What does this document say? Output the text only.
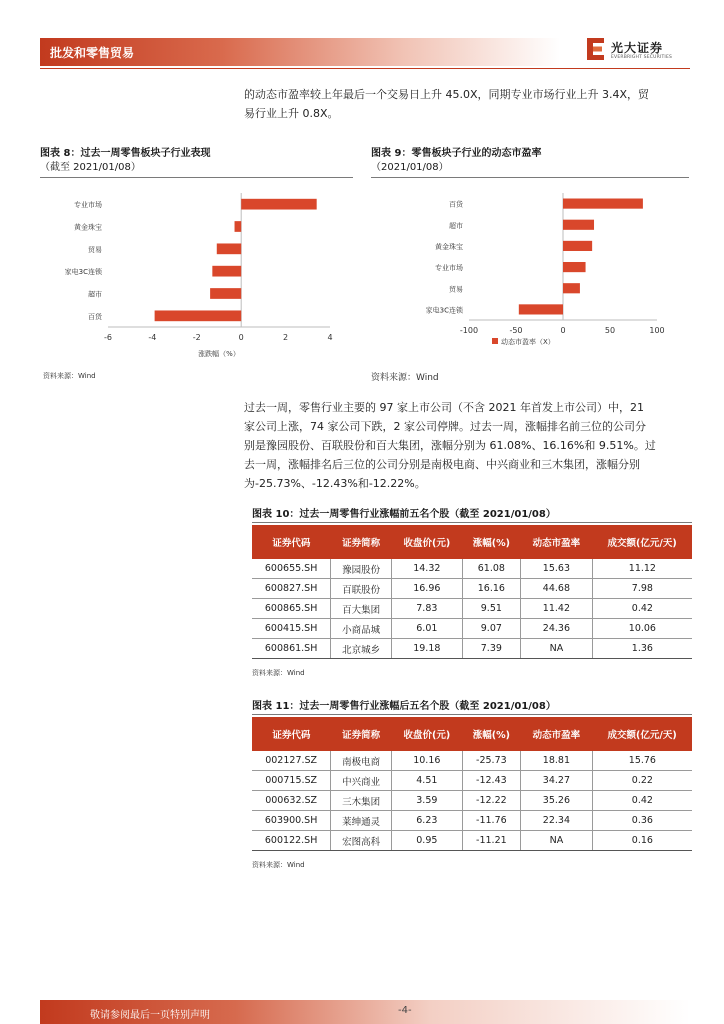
批发和零售贸易	光大证券
EVERBRIGHT SECURITIES
的动态市盈率较上年最后一个交易日上升 45.0X，同期专业市场行业上升 3.4X，贸
易行业上升 0.8X。
图表 8：过去一周零售板块子行业表现
（截至 2021/01/08）
专业市场
黄金珠宝
贸易
家电3C连锁
超市
百货
-6	-4	-2	0	2	4
涨跌幅（%）
资料来源：Wind
图表 9：零售板块子行业的动态市盈率
（2021/01/08）
百货
超市
黄金珠宝
专业市场
贸易
家电3C连锁
-100	-50	0	50	100
动态市盈率（X）
资料来源：Wind
过去一周，零售行业主要的 97 家上市公司（不含 2021 年首发上市公司）中，21
家公司上涨，74 家公司下跌，2 家公司停牌。过去一周，涨幅排名前三位的公司分
别是豫园股份、百联股份和百大集团，涨幅分别为 61.08%、16.16%和 9.51%。过
去一周，涨幅排名后三位的公司分别是南极电商、中兴商业和三木集团，涨幅分别
为-25.73%、-12.43%和-12.22%。
图表 10：过去一周零售行业涨幅前五名个股（截至 2021/01/08）
证券代码	证券简称	收盘价(元)	涨幅(%)	动态市盈率	成交额(亿元/天)
600655.SH	豫园股份	14.32	61.08	15.63	11.12
600827.SH	百联股份	16.96	16.16	44.68	7.98
600865.SH	百大集团	7.83	9.51	11.42	0.42
600415.SH	小商品城	6.01	9.07	24.36	10.06
600861.SH	北京城乡	19.18	7.39	NA	1.36
资料来源：Wind
图表 11：过去一周零售行业涨幅后五名个股（截至 2021/01/08）
证券代码	证券简称	收盘价(元)	涨幅(%)	动态市盈率	成交额(亿元/天)
002127.SZ	南极电商	10.16	-25.73	18.81	15.76
000715.SZ	中兴商业	4.51	-12.43	34.27	0.22
000632.SZ	三木集团	3.59	-12.22	35.26	0.42
603900.SH	莱绅通灵	6.23	-11.76	22.34	0.36
600122.SH	宏图高科	0.95	-11.21	NA	0.16
资料来源：Wind
敬请参阅最后一页特别声明	-4-
